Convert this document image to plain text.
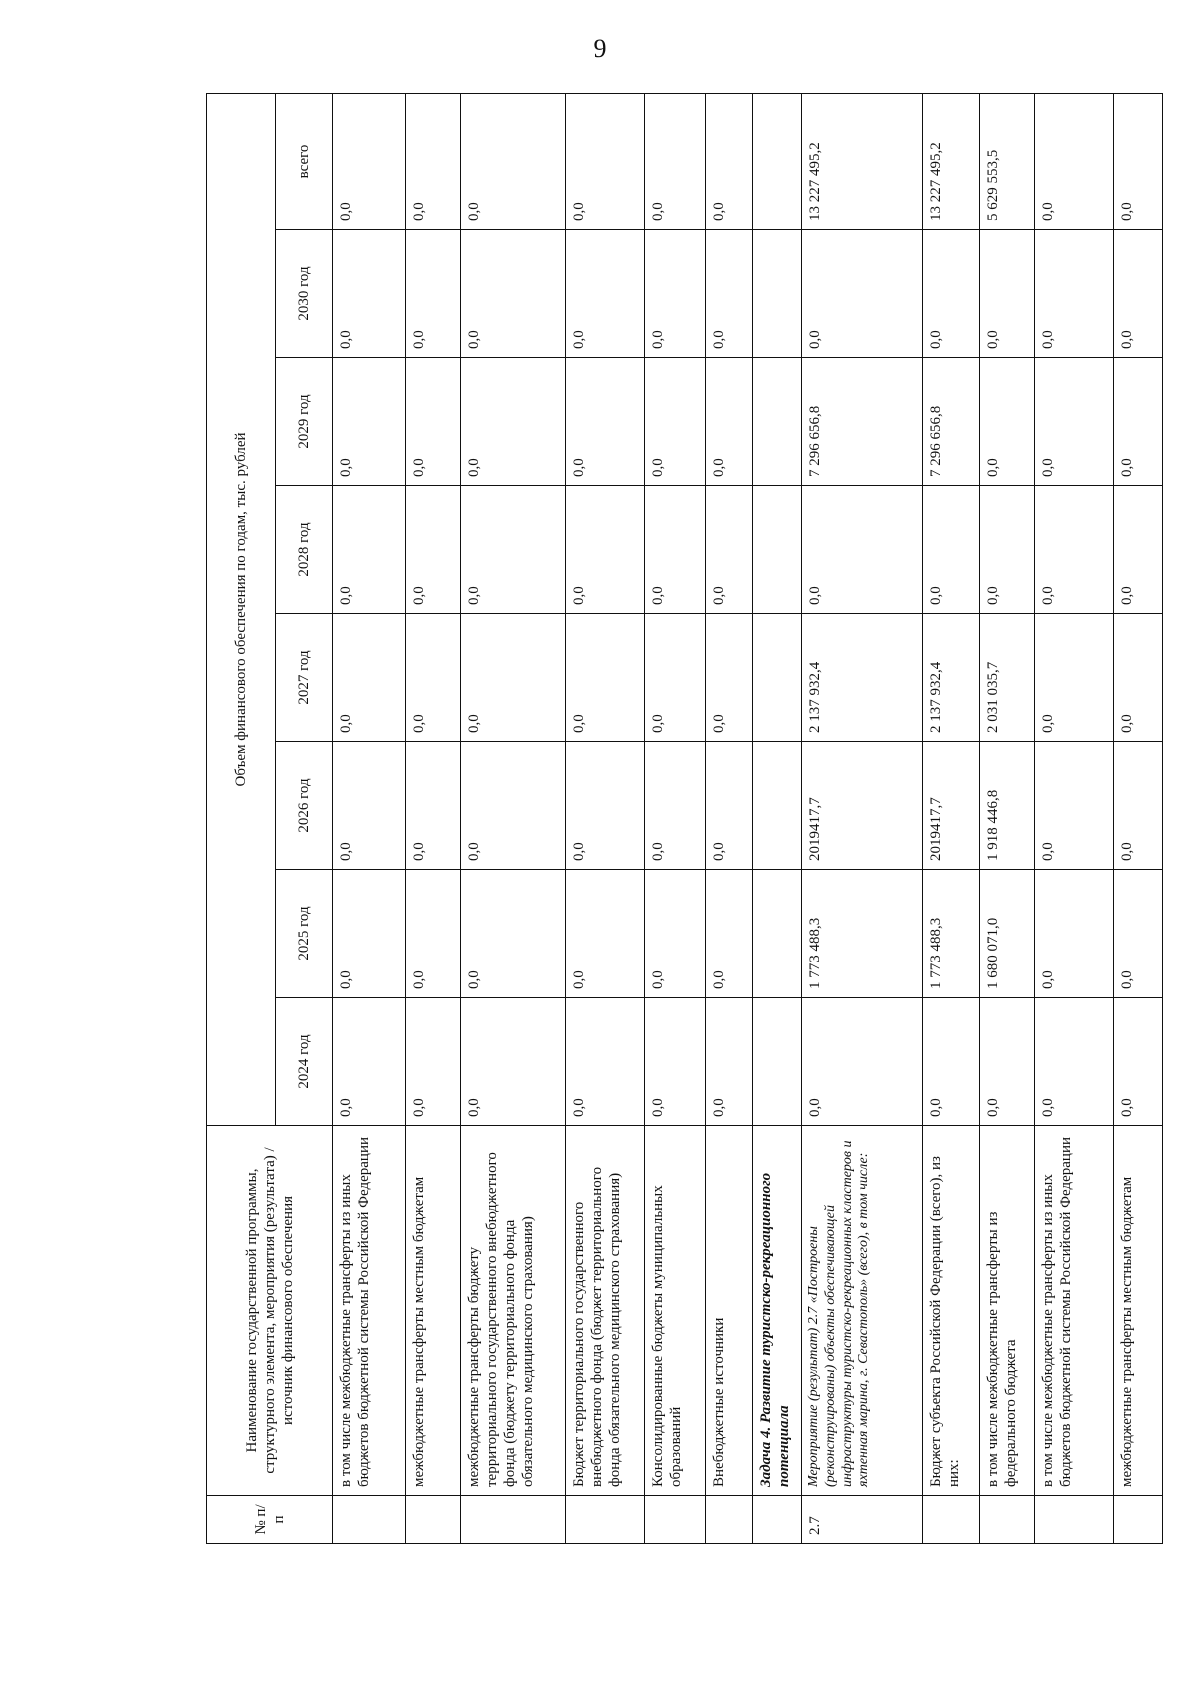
9
№ п/п	Наименование государственной программы, структурного элемента, мероприятия (результата) / источник финансового обеспечения	Объем финансового обеспечения по годам, тыс. рублей							
		2024 год	2025 год	2026 год	2027 год	2028 год	2029 год	2030 год	всего
	в том числе межбюджетные трансферты из иных бюджетов бюджетной системы Российской Федерации	0,0	0,0	0,0	0,0	0,0	0,0	0,0	0,0
	межбюджетные трансферты местным бюджетам	0,0	0,0	0,0	0,0	0,0	0,0	0,0	0,0
	межбюджетные трансферты бюджету территориального государственного внебюджетного фонда (бюджету территориального фонда обязательного медицинского страхования)	0,0	0,0	0,0	0,0	0,0	0,0	0,0	0,0
	Бюджет территориального государственного внебюджетного фонда (бюджет территориального фонда обязательного медицинского страхования)	0,0	0,0	0,0	0,0	0,0	0,0	0,0	0,0
	Консолидированные бюджеты муниципальных образований	0,0	0,0	0,0	0,0	0,0	0,0	0,0	0,0
	Внебюджетные источники	0,0	0,0	0,0	0,0	0,0	0,0	0,0	0,0
	Задача 4. Развитие туристско-рекреационного потенциала								
2.7	Мероприятие (результат) 2.7 «Построены (реконструированы) объекты обеспечивающей инфраструктуры туристско-рекреационных кластеров и яхтенная марина, г. Севастополь» (всего), в том числе:	0,0	1 773 488,3	2019417,7	2 137 932,4	0,0	7 296 656,8	0,0	13 227 495,2
	Бюджет субъекта Российской Федерации (всего), из них:	0,0	1 773 488,3	2019417,7	2 137 932,4	0,0	7 296 656,8	0,0	13 227 495,2
	в том числе межбюджетные трансферты из федерального бюджета	0,0	1 680 071,0	1 918 446,8	2 031 035,7	0,0	0,0	0,0	5 629 553,5
	в том числе межбюджетные трансферты из иных бюджетов бюджетной системы Российской Федерации	0,0	0,0	0,0	0,0	0,0	0,0	0,0	0,0
	межбюджетные трансферты местным бюджетам	0,0	0,0	0,0	0,0	0,0	0,0	0,0	0,0
